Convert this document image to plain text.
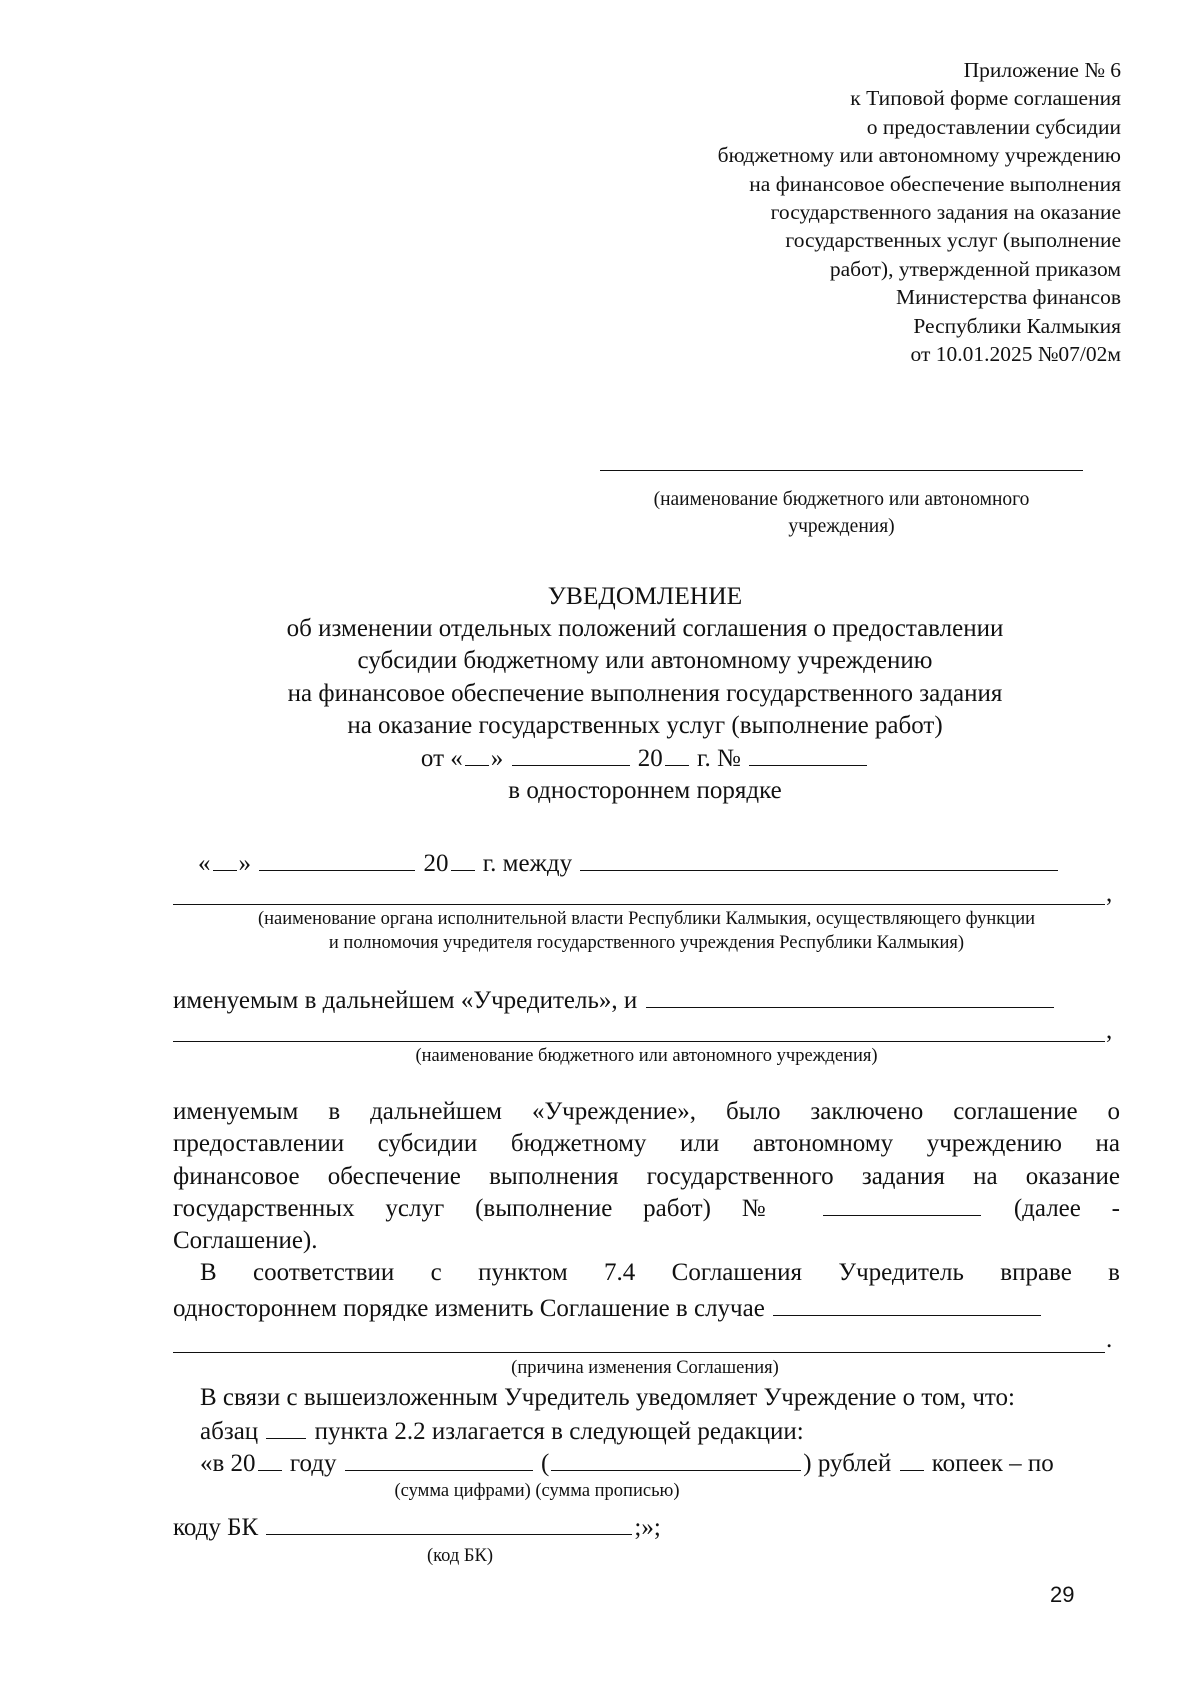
Приложение № 6
к Типовой форме соглашения
о предоставлении субсидии
бюджетному или автономному учреждению
на финансовое обеспечение выполнения
государственного задания на оказание
государственных услуг (выполнение
работ), утвержденной приказом
Министерства финансов
Республики Калмыкия
от 10.01.2025 №07/02м
(наименование бюджетного или автономного
учреждения)
УВЕДОМЛЕНИЕ
об изменении отдельных положений соглашения о предоставлении
субсидии бюджетному или автономному учреждению
на финансовое обеспечение выполнения государственного задания
на оказание государственных услуг (выполнение работ)
от « »	20 г. №
в одностороннем порядке
« »	20 г. между
,
(наименование органа исполнительной власти Республики Калмыкия, осуществляющего функции
и полномочия учредителя государственного учреждения Республики Калмыкия)
именуемым в дальнейшем «Учредитель», и
,
(наименование бюджетного или автономного учреждения)
именуемым в дальнейшем «Учреждение», было заключено соглашение о
предоставлении субсидии бюджетному или автономному учреждению на
финансовое обеспечение выполнения государственного задания на оказание
государственных услуг (выполнение работ) №	(далее -
Соглашение).
В соответствии с пунктом 7.4 Соглашения Учредитель вправе в
одностороннем порядке изменить Соглашение в случае
.
(причина изменения Соглашения)
В связи с вышеизложенным Учредитель уведомляет Учреждение о том, что:
абзац пункта 2.2 излагается в следующей редакции:
«в 20 году	(	) рублей копеек – по
(сумма цифрами) (сумма прописью)
коду БК	;»;
(код БК)
29
